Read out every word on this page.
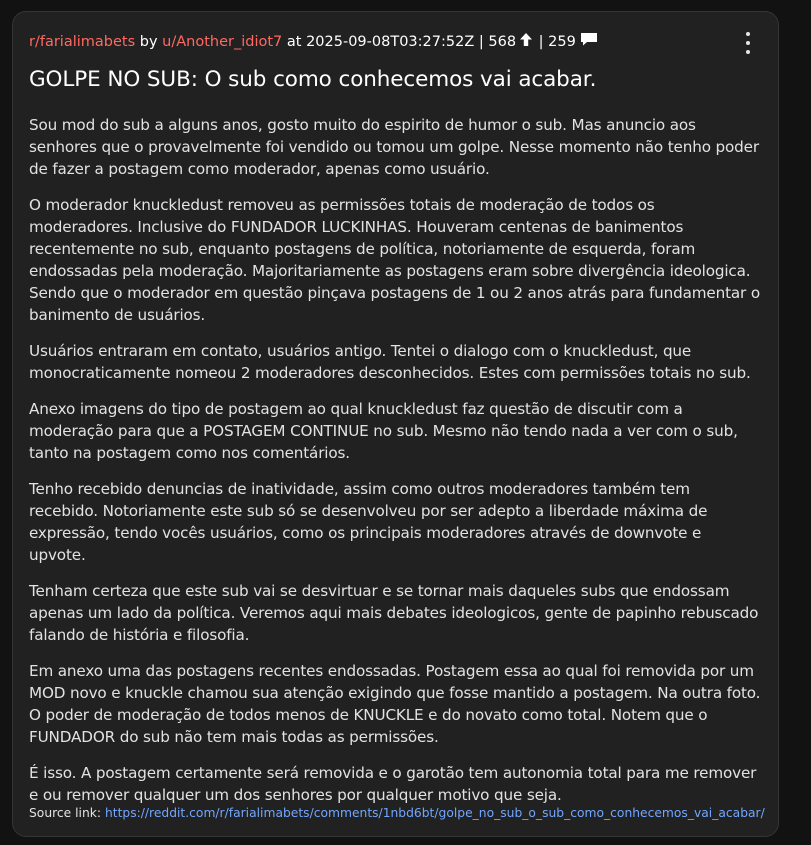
r/farialimabets by u/Another_idiot7 at 2025-09-08T03:27:52Z | 568	| 259
GOLPE NO SUB: O sub como conhecemos vai acabar.

Sou mod do sub a alguns anos, gosto muito do espirito de humor o sub. Mas anuncio aos senhores que o provavelmente foi vendido ou tomou um golpe. Nesse momento não tenho poder de fazer a postagem como moderador, apenas como usuário.

O moderador knuckledust removeu as permissões totais de moderação de todos os moderadores. Inclusive do FUNDADOR LUCKINHAS. Houveram centenas de banimentos recentemente no sub, enquanto postagens de política, notoriamente de esquerda, foram endossadas pela moderação. Majoritariamente as postagens eram sobre divergência ideologica. Sendo que o moderador em questão pinçava postagens de 1 ou 2 anos atrás para fundamentar o banimento de usuários.

Usuários entraram em contato, usuários antigo. Tentei o dialogo com o knuckledust, que monocraticamente nomeou 2 moderadores desconhecidos. Estes com permissões totais no sub.

Anexo imagens do tipo de postagem ao qual knuckledust faz questão de discutir com a moderação para que a POSTAGEM CONTINUE no sub. Mesmo não tendo nada a ver com o sub, tanto na postagem como nos comentários.

Tenho recebido denuncias de inatividade, assim como outros moderadores também tem recebido. Notoriamente este sub só se desenvolveu por ser adepto a liberdade máxima de expressão, tendo vocês usuários, como os principais moderadores através de downvote e upvote.

Tenham certeza que este sub vai se desvirtuar e se tornar mais daqueles subs que endossam apenas um lado da política. Veremos aqui mais debates ideologicos, gente de papinho rebuscado falando de história e filosofia.

Em anexo uma das postagens recentes endossadas. Postagem essa ao qual foi removida por um MOD novo e knuckle chamou sua atenção exigindo que fosse mantido a postagem. Na outra foto. O poder de moderação de todos menos de KNUCKLE e do novato como total. Notem que o FUNDADOR do sub não tem mais todas as permissões.

É isso. A postagem certamente será removida e o garotão tem autonomia total para me remover e ou remover qualquer um dos senhores por qualquer motivo que seja.

Source link: https://reddit.com/r/farialimabets/comments/1nbd6bt/golpe_no_sub_o_sub_como_conhecemos_vai_acabar/
